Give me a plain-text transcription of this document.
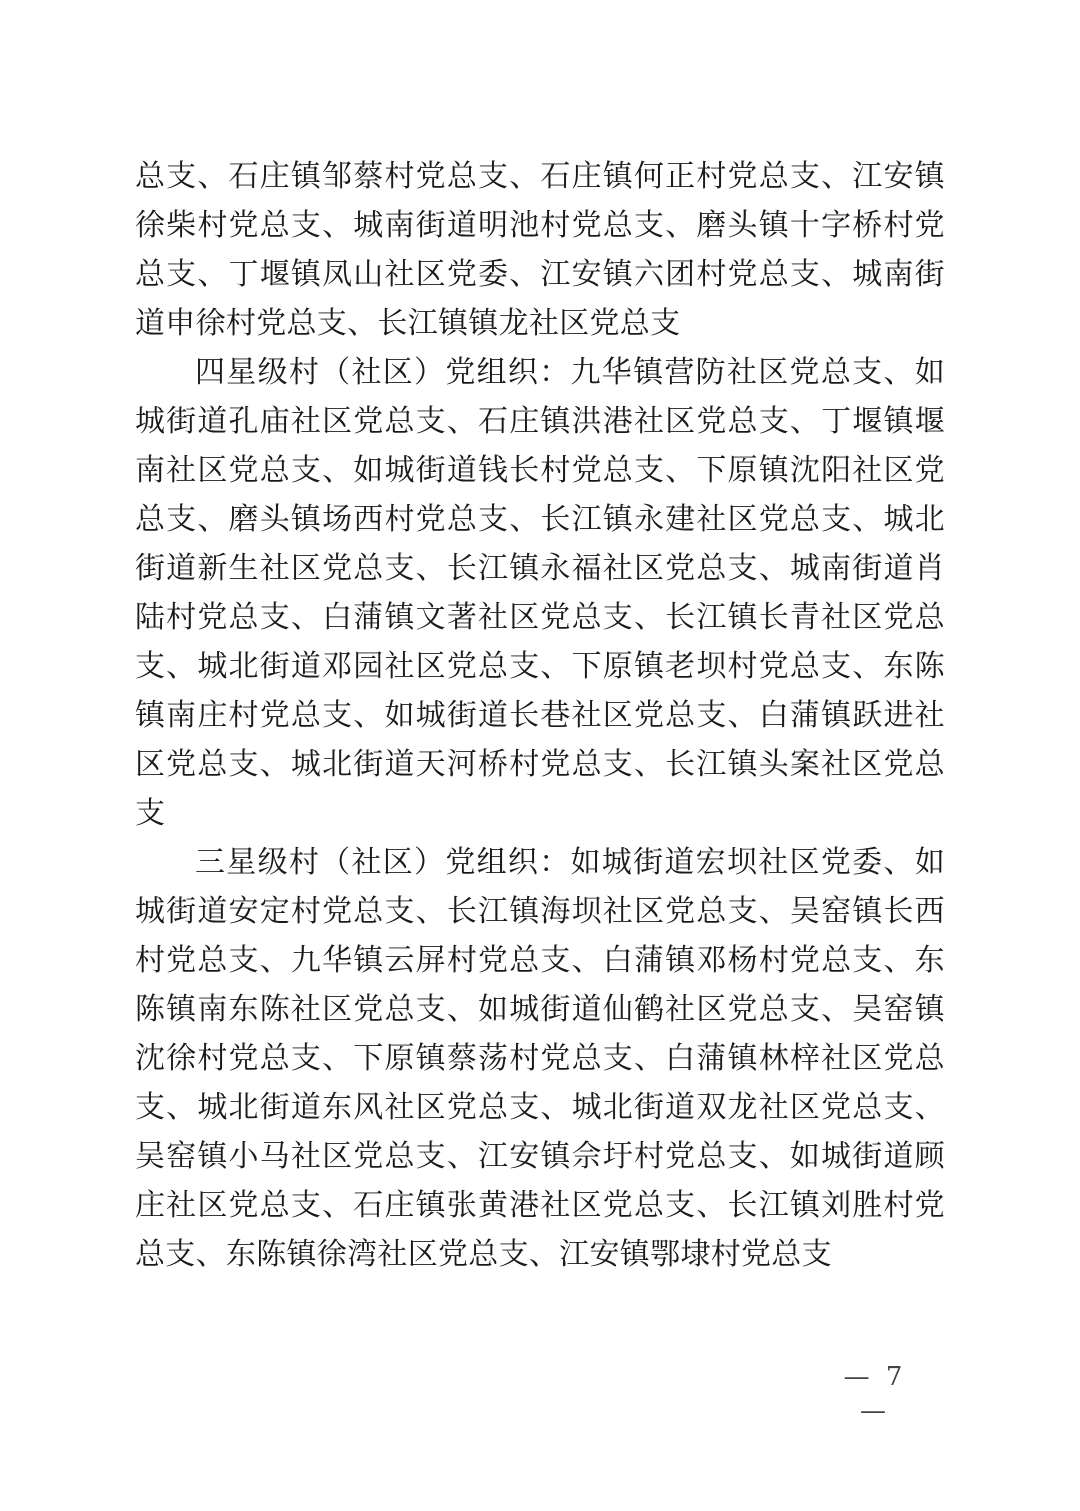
总支、石庄镇邹蔡村党总支、石庄镇何正村党总支、江安镇徐柴村党总支、城南街道明池村党总支、磨头镇十字桥村党总支、丁堰镇凤山社区党委、江安镇六团村党总支、城南街道申徐村党总支、长江镇镇龙社区党总支

四星级村（社区）党组织：九华镇营防社区党总支、如城街道孔庙社区党总支、石庄镇洪港社区党总支、丁堰镇堰南社区党总支、如城街道钱长村党总支、下原镇沈阳社区党总支、磨头镇场西村党总支、长江镇永建社区党总支、城北街道新生社区党总支、长江镇永福社区党总支、城南街道肖陆村党总支、白蒲镇文著社区党总支、长江镇长青社区党总支、城北街道邓园社区党总支、下原镇老坝村党总支、东陈镇南庄村党总支、如城街道长巷社区党总支、白蒲镇跃进社区党总支、城北街道天河桥村党总支、长江镇头案社区党总支

三星级村（社区）党组织：如城街道宏坝社区党委、如城街道安定村党总支、长江镇海坝社区党总支、吴窑镇长西村党总支、九华镇云屏村党总支、白蒲镇邓杨村党总支、东陈镇南东陈社区党总支、如城街道仙鹤社区党总支、吴窑镇沈徐村党总支、下原镇蔡荡村党总支、白蒲镇林梓社区党总支、城北街道东风社区党总支、城北街道双龙社区党总支、吴窑镇小马社区党总支、江安镇佘圩村党总支、如城街道顾庄社区党总支、石庄镇张黄港社区党总支、长江镇刘胜村党总支、东陈镇徐湾社区党总支、江安镇鄂埭村党总支

— 7 —
